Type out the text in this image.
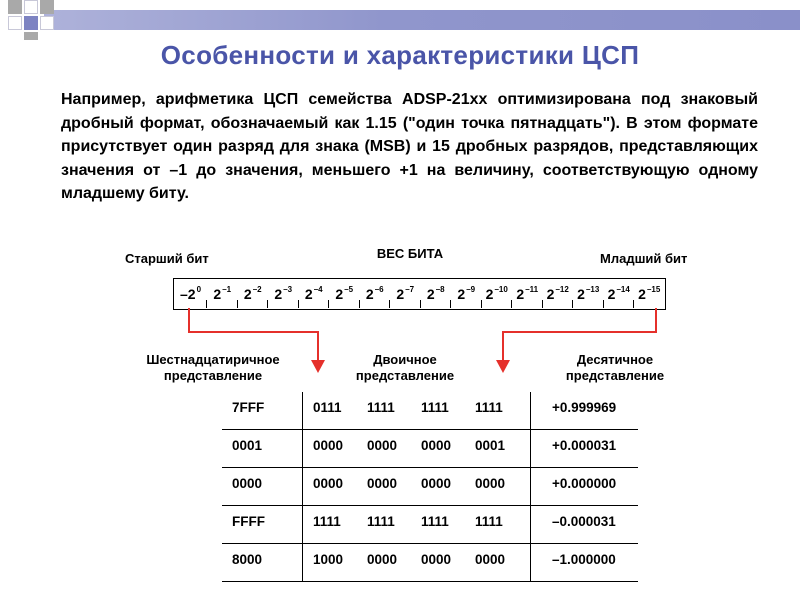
Особенности и характеристики ЦСП

Например, арифметика ЦСП семейства ADSP-21xx оптимизирована под знаковый дробный формат, обозначаемый как 1.15 ("один точка пятнадцать"). В этом формате присутствует один разряд для знака (MSB) и 15 дробных разрядов, представляющих значения от –1 до значения, меньшего +1 на величину, соответствующую одному младшему биту.

Старший бит	ВЕС БИТА	Младший бит
$-2^0$ $2^{-1}$ $2^{-2}$ $2^{-3}$ $2^{-4}$ $2^{-5}$ $2^{-6}$ $2^{-7}$ $2^{-8}$ $2^{-9}$ $2^{-10}$ $2^{-11}$ $2^{-12}$ $2^{-13}$ $2^{-14}$ $2^{-15}$
Шестнадцатиричное представление
Двоичное представление
Десятичное представление
7FFF	0111 1111 1111 1111	+0.999969
0001	0000 0000 0000 0001	+0.000031
0000	0000 0000 0000 0000	+0.000000
FFFF	1111 1111 1111 1111	–0.000031
8000	1000 0000 0000 0000	–1.000000
